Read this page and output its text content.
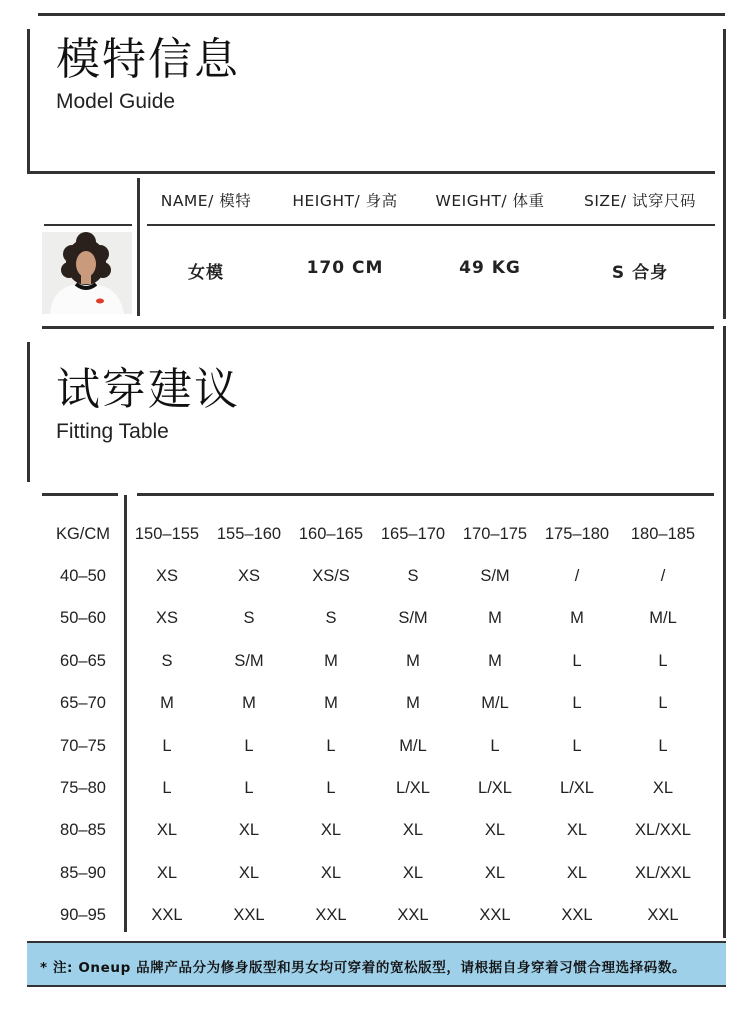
模特信息
Model Guide
NAME/ 模特	HEIGHT/ 身高	WEIGHT/ 体重	SIZE/ 试穿尺码
女模	170 CM	49 KG	S 合身
试穿建议
Fitting Table
KG/CM	150–155	155–160	160–165	165–170	170–175	175–180	180–185
40–50	XS	XS	XS/S	S	S/M	/	/
50–60	XS	S	S	S/M	M	M	M/L
60–65	S	S/M	M	M	M	L	L
65–70	M	M	M	M	M/L	L	L
70–75	L	L	L	M/L	L	L	L
75–80	L	L	L	L/XL	L/XL	L/XL	XL
80–85	XL	XL	XL	XL	XL	XL	XL/XXL
85–90	XL	XL	XL	XL	XL	XL	XL/XXL
90–95	XXL	XXL	XXL	XXL	XXL	XXL	XXL
* 注: Oneup 品牌产品分为修身版型和男女均可穿着的宽松版型，请根据自身穿着习惯合理选择码数。
